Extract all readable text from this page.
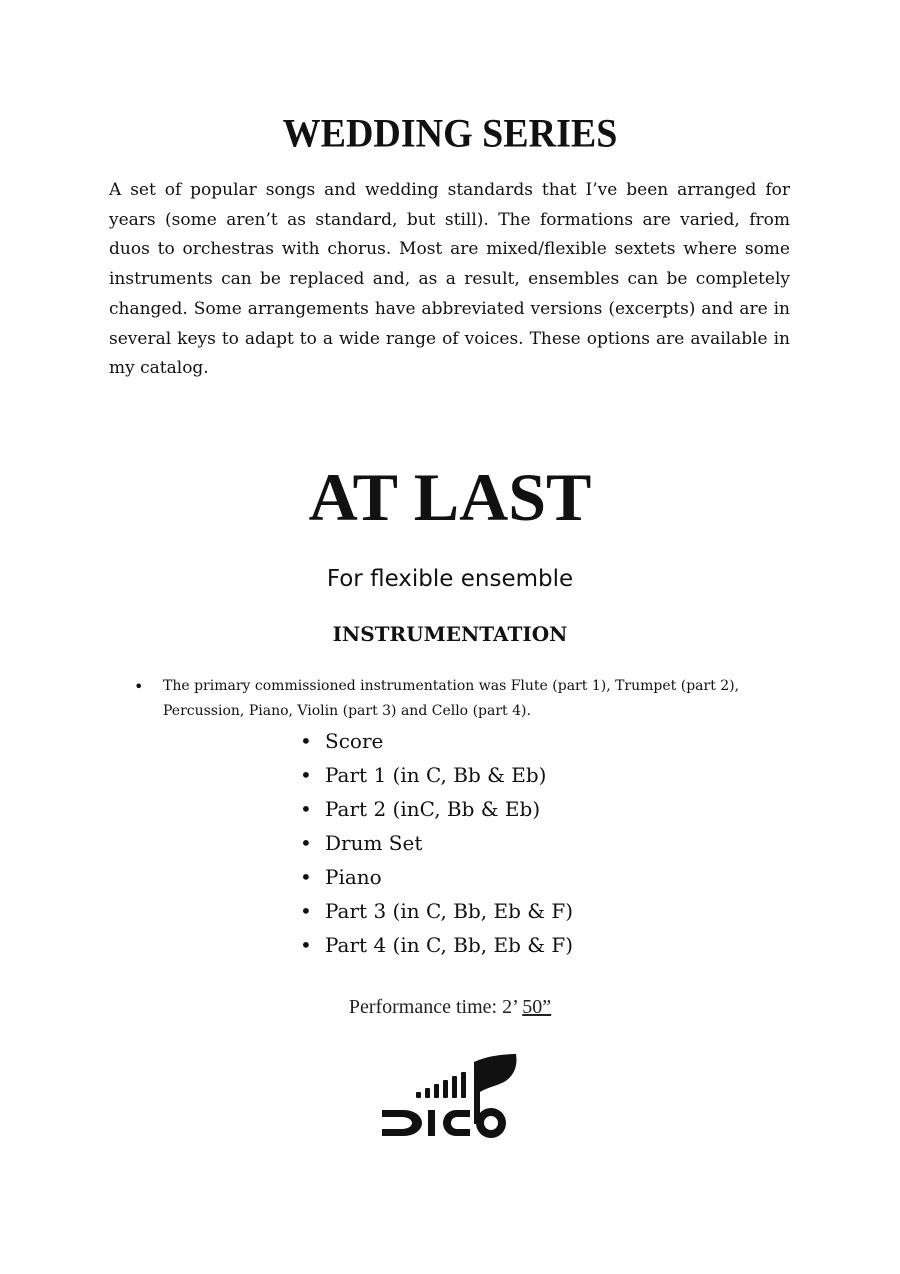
WEDDING SERIES

A set of popular songs and wedding standards that I’ve been arranged for years (some aren’t as standard, but still). The formations are varied, from duos to orchestras with chorus. Most are mixed/flexible sextets where some instruments can be replaced and, as a result, ensembles can be completely changed. Some arrangements have abbreviated versions (excerpts) and are in several keys to adapt to a wide range of voices. These options are available in my catalog.

AT LAST
For flexible ensemble
INSTRUMENTATION
• The primary commissioned instrumentation was Flute (part 1), Trumpet (part 2), Percussion, Piano, Violin (part 3) and Cello (part 4).
• Score
• Part 1 (in C, Bb & Eb)
• Part 2 (inC, Bb & Eb)
• Drum Set
• Piano
• Part 3 (in C, Bb, Eb & F)
• Part 4 (in C, Bb, Eb & F)
Performance time: 2’ 50”
